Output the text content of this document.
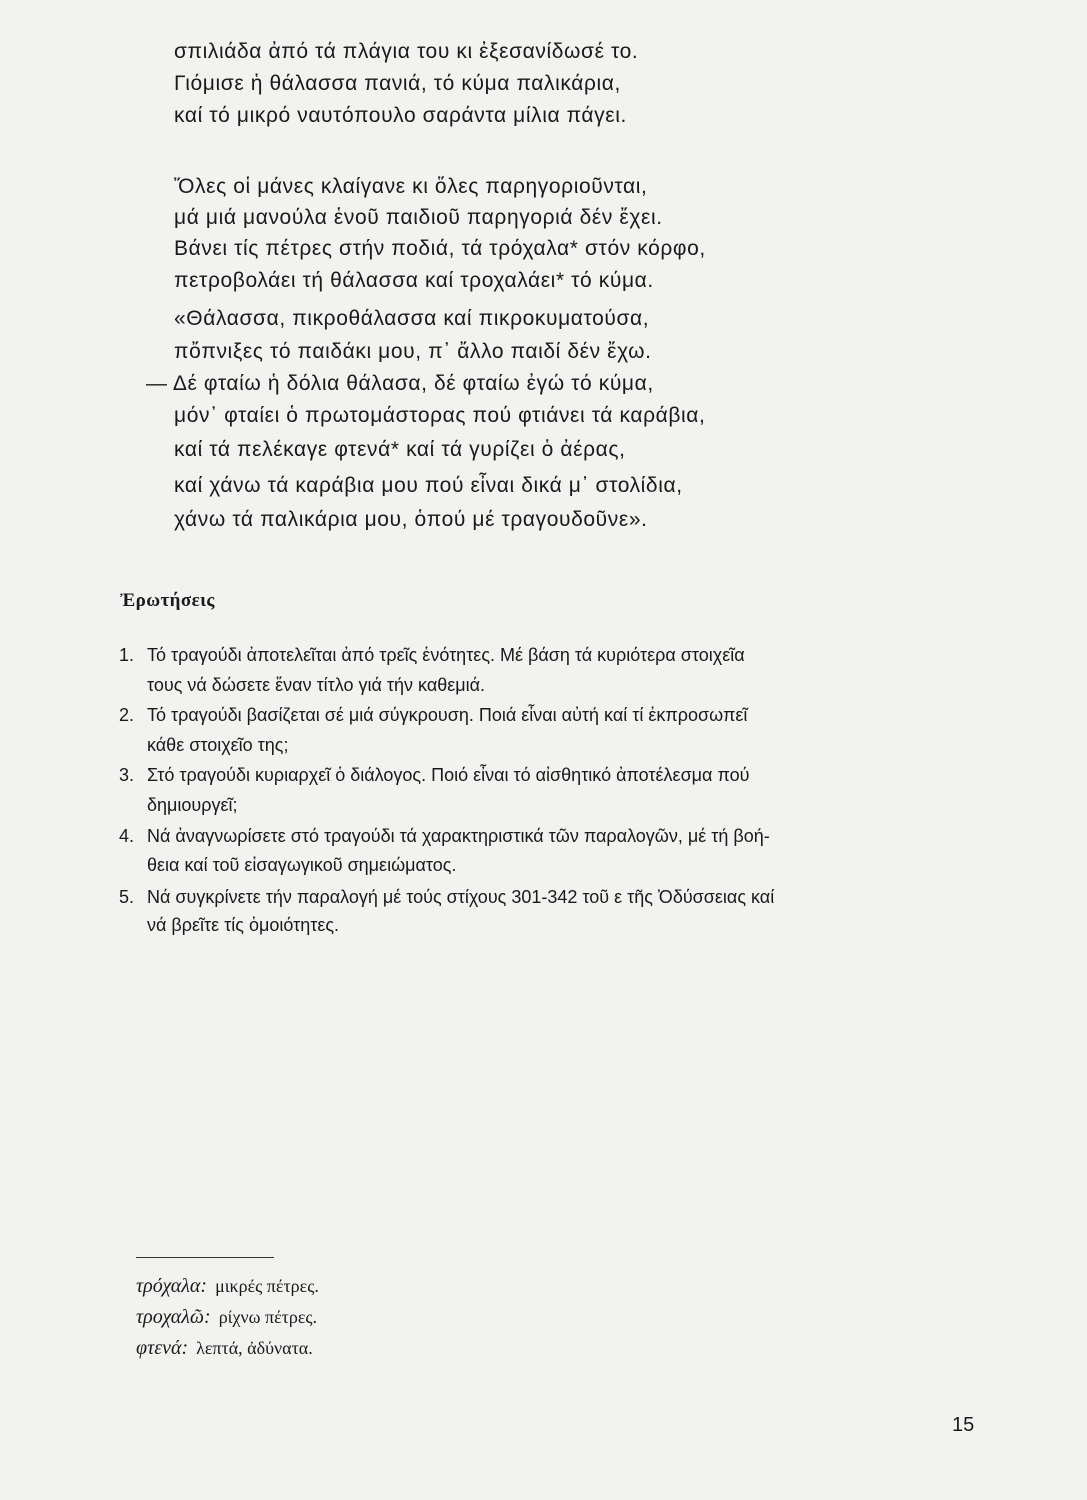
σπιλιάδα ἀπό τά πλάγια του κι ἐξεσανίδωσέ το.
Γιόμισε ἡ θάλασσα πανιά, τό κύμα παλικάρια,
καί τό μικρό ναυτόπουλο σαράντα μίλια πάγει.
Ὅλες οἱ μάνες κλαίγανε κι ὅλες παρηγοριοῦνται,
μά μιά μανούλα ἑνοῦ παιδιοῦ παρηγοριά δέν ἔχει.
Βάνει τίς πέτρες στήν ποδιά, τά τρόχαλα* στόν κόρφο,
πετροβολάει τή θάλασσα καί τροχαλάει* τό κύμα.
«Θάλασσα, πικροθάλασσα καί πικροκυματούσα,
πὄπνιξες τό παιδάκι μου, π᾽ ἄλλο παιδί δέν ἔχω.
— Δέ φταίω ἡ δόλια θάλασα, δέ φταίω ἐγώ τό κύμα,
μόν᾽ φταίει ὁ πρωτομάστορας πού φτιάνει τά καράβια,
καί τά πελέκαγε φτενά* καί τά γυρίζει ὁ ἀέρας,
καί χάνω τά καράβια μου πού εἶναι δικά μ᾽ στολίδια,
χάνω τά παλικάρια μου, ὁπού μέ τραγουδοῦνε».
Ἐρωτήσεις
1. Τό τραγούδι ἀποτελεῖται ἀπό τρεῖς ἑνότητες. Μέ βάση τά κυριότερα στοιχεῖα
τους νά δώσετε ἕναν τίτλο γιά τήν καθεμιά.
2. Τό τραγούδι βασίζεται σέ μιά σύγκρουση. Ποιά εἶναι αὐτή καί τί ἐκπροσωπεῖ
κάθε στοιχεῖο της;
3. Στό τραγούδι κυριαρχεῖ ὁ διάλογος. Ποιό εἶναι τό αἰσθητικό ἀποτέλεσμα πού
δημιουργεῖ;
4. Νά ἀναγνωρίσετε στό τραγούδι τά χαρακτηριστικά τῶν παραλογῶν, μέ τή βοή-
θεια καί τοῦ εἰσαγωγικοῦ σημειώματος.
5. Νά συγκρίνετε τήν παραλογή μέ τούς στίχους 301-342 τοῦ ε τῆς Ὀδύσσειας καί
νά βρεῖτε τίς ὁμοιότητες.
τρόχαλα: μικρές πέτρες.
τροχαλῶ: ρίχνω πέτρες.
φτενά: λεπτά, ἀδύνατα.
15
